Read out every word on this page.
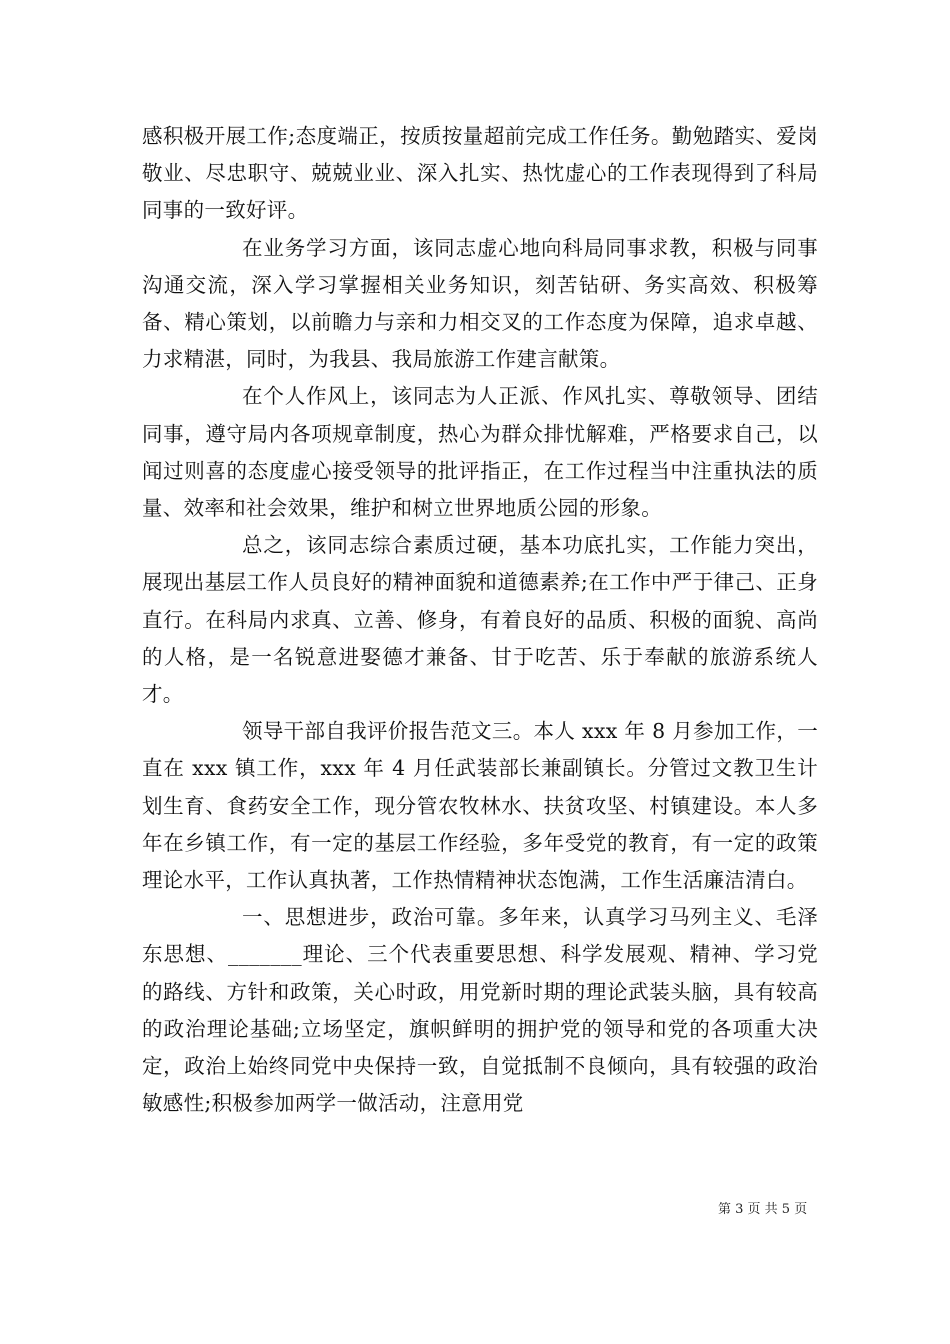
感积极开展工作;态度端正，按质按量超前完成工作任务。勤勉踏实、爱岗敬业、尽忠职守、兢兢业业、深入扎实、热忱虚心的工作表现得到了科局同事的一致好评。

在业务学习方面，该同志虚心地向科局同事求教，积极与同事沟通交流，深入学习掌握相关业务知识，刻苦钻研、务实高效、积极筹备、精心策划，以前瞻力与亲和力相交叉的工作态度为保障，追求卓越、力求精湛，同时，为我县、我局旅游工作建言献策。

在个人作风上，该同志为人正派、作风扎实、尊敬领导、团结同事，遵守局内各项规章制度，热心为群众排忧解难，严格要求自己，以闻过则喜的态度虚心接受领导的批评指正，在工作过程当中注重执法的质量、效率和社会效果，维护和树立世界地质公园的形象。

总之，该同志综合素质过硬，基本功底扎实，工作能力突出，展现出基层工作人员良好的精神面貌和道德素养;在工作中严于律己、正身直行。在科局内求真、立善、修身，有着良好的品质、积极的面貌、高尚的人格，是一名锐意进娶德才兼备、甘于吃苦、乐于奉献的旅游系统人才。

领导干部自我评价报告范文三。本人 xxx 年 8 月参加工作，一直在 xxx 镇工作，xxx 年 4 月任武装部长兼副镇长。分管过文教卫生计划生育、食药安全工作，现分管农牧林水、扶贫攻坚、村镇建设。本人多年在乡镇工作，有一定的基层工作经验，多年受党的教育，有一定的政策理论水平，工作认真执著，工作热情精神状态饱满，工作生活廉洁清白。

一、思想进步，政治可靠。多年来，认真学习马列主义、毛泽东思想、_______理论、三个代表重要思想、科学发展观、精神、学习党的路线、方针和政策，关心时政，用党新时期的理论武装头脑，具有较高的政治理论基础;立场坚定，旗帜鲜明的拥护党的领导和党的各项重大决定，政治上始终同党中央保持一致，自觉抵制不良倾向，具有较强的政治敏感性;积极参加两学一做活动，注意用党

第 3 页 共 5 页
